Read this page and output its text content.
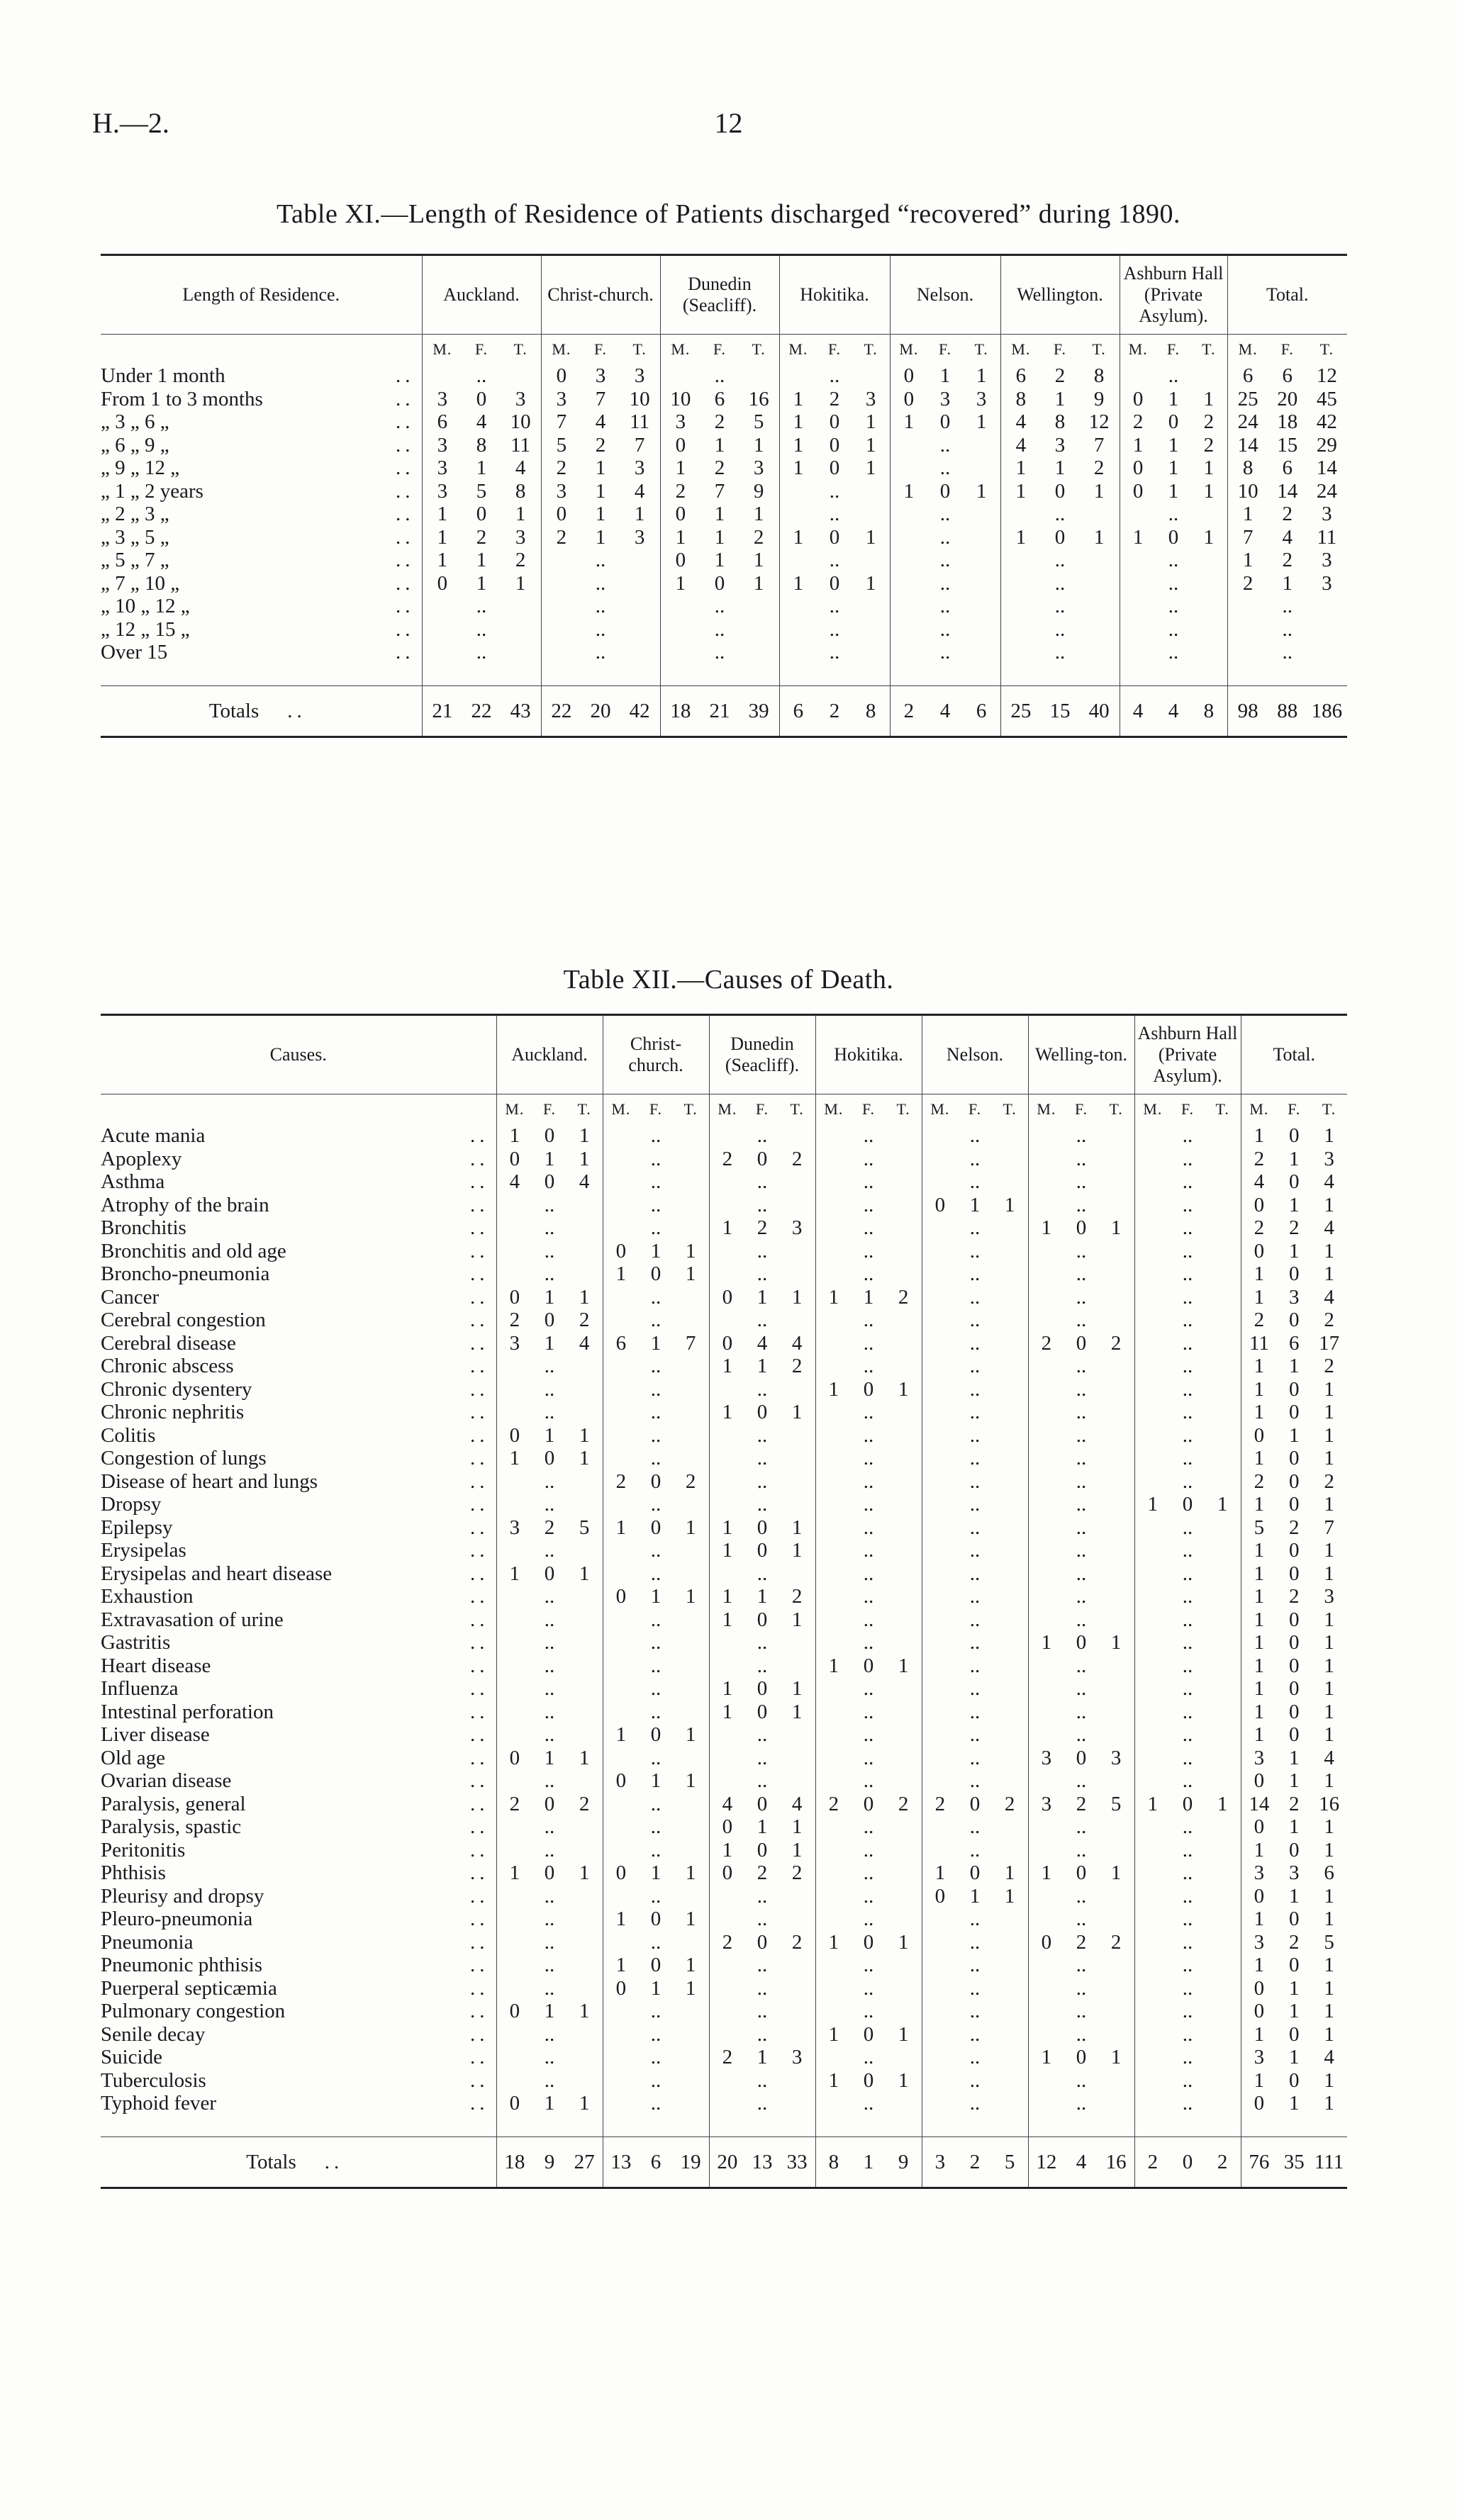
H.—2.	12
Table XI.—Length of Residence of Patients discharged “recovered” during 1890.
Length of Residence.	Auckland.	Christ-church.	Dunedin (Seacliff).	Hokitika.	Nelson.	Wellington.	Ashburn Hall (Private Asylum).	Total.
	M. F. T.	M. F. T.	M. F. T.	M. F. T.	M. F. T.	M. F. T.	M. F. T.	M. F. T.

Under 1 month ..	..	0 3 3	..	..	0 1 1	6 2 8	..	6 6 12

From 1 to 3 months ..	3 0 3	3 7 10	10 6 16	1 2 3	0 3 3	8 1 9	0 1 1	25 20 45

„ 3 „ 6 „ ..	6 4 10	7 4 11	3 2 5	1 0 1	1 0 1	4 8 12	2 0 2	24 18 42

„ 6 „ 9 „ ..	3 8 11	5 2 7	0 1 1	1 0 1	..	4 3 7	1 1 2	14 15 29

„ 9 „ 12 „ ..	3 1 4	2 1 3	1 2 3	1 0 1	..	1 1 2	0 1 1	8 6 14

„ 1 „ 2 years ..	3 5 8	3 1 4	2 7 9	..	1 0 1	1 0 1	0 1 1	10 14 24

„ 2 „ 3 „ ..	1 0 1	0 1 1	0 1 1	..	..	..	..	1 2 3

„ 3 „ 5 „ ..	1 2 3	2 1 3	1 1 2	1 0 1	..	1 0 1	1 0 1	7 4 11

„ 5 „ 7 „ ..	1 1 2	..	0 1 1	..	..	..	..	1 2 3

„ 7 „ 10 „ ..	0 1 1	..	1 0 1	1 0 1	..	..	..	2 1 3

„ 10 „ 12 „ ..	..	..	..	..	..	..	..	..

„ 12 „ 15 „ ..	..	..	..	..	..	..	..	..

Over 15 ..	..	..	..	..	..	..	..	..

Totals ..	21 22 43	22 20 42	18 21 39	6 2 8	2 4 6	25 15 40	4 4 8	98 88 186
Table XII.—Causes of Death.
Causes.	Auckland.	Christ-church.	Dunedin (Seacliff).	Hokitika.	Nelson.	Welling-ton.	Ashburn Hall (Private Asylum).	Total.
	M. F. T.	M. F. T.	M. F. T.	M. F. T.	M. F. T.	M. F. T.	M. F. T.	M. F. T.

Acute mania ..	1 0 1	..	..	..	..	..	..	1 0 1

Apoplexy ..	0 1 1	..	2 0 2	..	..	..	..	2 1 3

Asthma ..	4 0 4	..	..	..	..	..	..	4 0 4

Atrophy of the brain ..	..	..	..	..	0 1 1	..	..	0 1 1

Bronchitis ..	..	..	1 2 3	..	..	1 0 1	..	2 2 4

Bronchitis and old age ..	..	0 1 1	..	..	..	..	..	0 1 1

Broncho-pneumonia ..	..	1 0 1	..	..	..	..	..	1 0 1

Cancer ..	0 1 1	..	0 1 1	1 1 2	..	..	..	1 3 4

Cerebral congestion ..	2 0 2	..	..	..	..	..	..	2 0 2

Cerebral disease ..	3 1 4	6 1 7	0 4 4	..	..	2 0 2	..	11 6 17

Chronic abscess ..	..	..	1 1 2	..	..	..	..	1 1 2

Chronic dysentery ..	..	..	..	1 0 1	..	..	..	1 0 1

Chronic nephritis ..	..	..	1 0 1	..	..	..	..	1 0 1

Colitis ..	0 1 1	..	..	..	..	..	..	0 1 1

Congestion of lungs ..	1 0 1	..	..	..	..	..	..	1 0 1

Disease of heart and lungs ..	..	2 0 2	..	..	..	..	..	2 0 2

Dropsy ..	..	..	..	..	..	..	1 0 1	1 0 1

Epilepsy ..	3 2 5	1 0 1	1 0 1	..	..	..	..	5 2 7

Erysipelas ..	..	..	1 0 1	..	..	..	..	1 0 1

Erysipelas and heart disease ..	1 0 1	..	..	..	..	..	..	1 0 1

Exhaustion ..	..	0 1 1	1 1 2	..	..	..	..	1 2 3

Extravasation of urine ..	..	..	1 0 1	..	..	..	..	1 0 1

Gastritis ..	..	..	..	..	..	1 0 1	..	1 0 1

Heart disease ..	..	..	..	1 0 1	..	..	..	1 0 1

Influenza ..	..	..	1 0 1	..	..	..	..	1 0 1

Intestinal perforation ..	..	..	1 0 1	..	..	..	..	1 0 1

Liver disease ..	..	1 0 1	..	..	..	..	..	1 0 1

Old age ..	0 1 1	..	..	..	..	3 0 3	..	3 1 4

Ovarian disease ..	..	0 1 1	..	..	..	..	..	0 1 1

Paralysis, general ..	2 0 2	..	4 0 4	2 0 2	2 0 2	3 2 5	1 0 1	14 2 16

Paralysis, spastic ..	..	..	0 1 1	..	..	..	..	0 1 1

Peritonitis ..	..	..	1 0 1	..	..	..	..	1 0 1

Phthisis ..	1 0 1	0 1 1	0 2 2	..	1 0 1	1 0 1	..	3 3 6

Pleurisy and dropsy ..	..	..	..	..	0 1 1	..	..	0 1 1

Pleuro-pneumonia ..	..	1 0 1	..	..	..	..	..	1 0 1

Pneumonia ..	..	..	2 0 2	1 0 1	..	0 2 2	..	3 2 5

Pneumonic phthisis ..	..	1 0 1	..	..	..	..	..	1 0 1

Puerperal septicæmia ..	..	0 1 1	..	..	..	..	..	0 1 1

Pulmonary congestion ..	0 1 1	..	..	..	..	..	..	0 1 1

Senile decay ..	..	..	..	1 0 1	..	..	..	1 0 1

Suicide ..	..	..	2 1 3	..	..	1 0 1	..	3 1 4

Tuberculosis ..	..	..	..	1 0 1	..	..	..	1 0 1

Typhoid fever ..	0 1 1	..	..	..	..	..	..	0 1 1

Totals ..	18 9 27	13 6 19	20 13 33	8 1 9	3 2 5	12 4 16	2 0 2	76 35 111
